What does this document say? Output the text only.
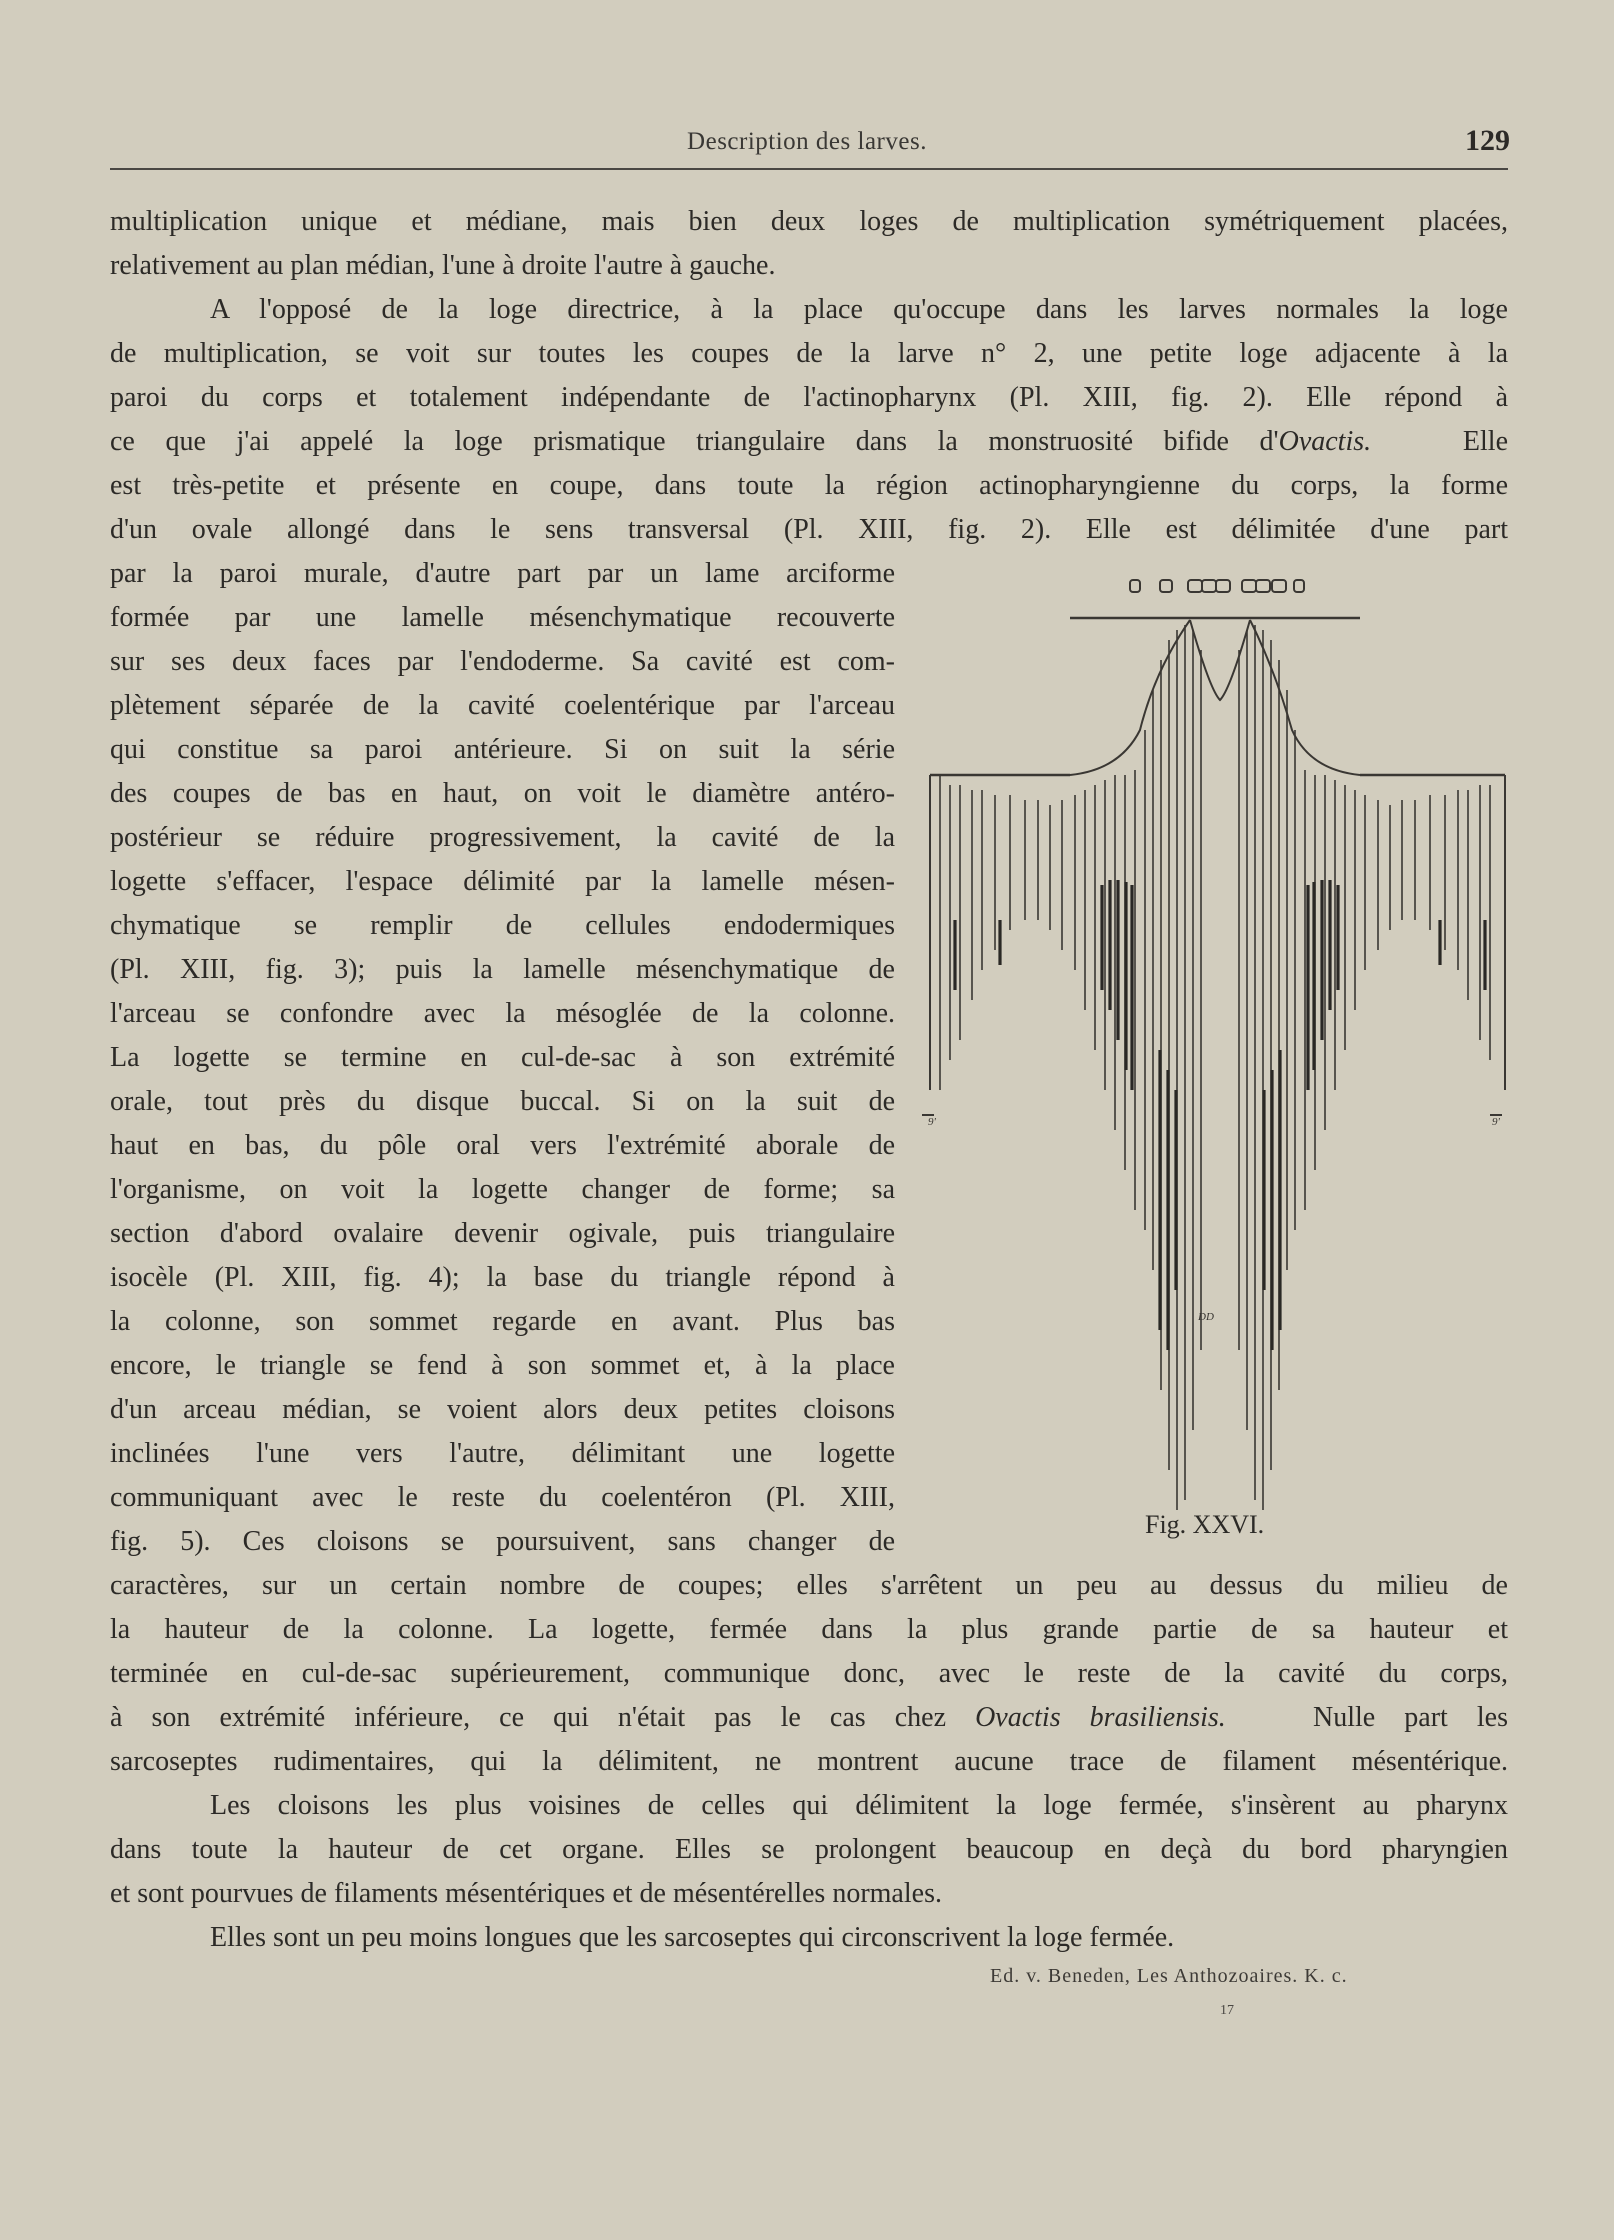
Description des larves.	129
multiplication unique et médiane, mais bien deux loges de multiplication symétriquement placées,
relativement au plan médian, l'une à droite l'autre à gauche.
A l'opposé de la loge directrice, à la place qu'occupe dans les larves normales la loge
de multiplication, se voit sur toutes les coupes de la larve n° 2, une petite loge adjacente à la
paroi du corps et totalement indépendante de l'actinopharynx (Pl. XIII, fig. 2). Elle répond à
ce que j'ai appelé la loge prismatique triangulaire dans la monstruosité bifide d'Ovactis.	Elle
est très-petite et présente en coupe, dans toute la région actinopharyngienne du corps, la forme
d'un ovale allongé dans le sens transversal (Pl. XIII, fig. 2). Elle est délimitée d'une part
par la paroi murale, d'autre part par un lame arciforme
formée par une lamelle mésenchymatique recouverte
sur ses deux faces par l'endoderme. Sa cavité est com-
plètement séparée de la cavité coelentérique par l'arceau
qui constitue sa paroi antérieure. Si on suit la série
des coupes de bas en haut, on voit le diamètre antéro-
postérieur se réduire progressivement, la cavité de la
logette s'effacer, l'espace délimité par la lamelle mésen-
chymatique se remplir de cellules endodermiques
(Pl. XIII, fig. 3); puis la lamelle mésenchymatique de
l'arceau se confondre avec la mésoglée de la colonne.
La logette se termine en cul-de-sac à son extrémité
orale, tout près du disque buccal. Si on la suit de
haut en bas, du pôle oral vers l'extrémité aborale de
l'organisme, on voit la logette changer de forme; sa
section d'abord ovalaire devenir ogivale, puis triangulaire
isocèle (Pl. XIII, fig. 4); la base du triangle répond à
la colonne, son sommet regarde en avant. Plus bas
encore, le triangle se fend à son sommet et, à la place
d'un arceau médian, se voient alors deux petites cloisons
inclinées l'une vers l'autre, délimitant une logette
communiquant avec le reste du coelentéron (Pl. XIII,
fig. 5). Ces cloisons se poursuivent, sans changer de
caractères, sur un certain nombre de coupes; elles s'arrêtent un peu au dessus du milieu de
la hauteur de la colonne. La logette, fermée dans la plus grande partie de sa hauteur et
terminée en cul-de-sac supérieurement, communique donc, avec le reste de la cavité du corps,
à son extrémité inférieure, ce qui n'était pas le cas chez Ovactis brasiliensis.	Nulle part les
sarcoseptes rudimentaires, qui la délimitent, ne montrent aucune trace de filament mésentérique.
Les cloisons les plus voisines de celles qui délimitent la loge fermée, s'insèrent au pharynx
dans toute la hauteur de cet organe. Elles se prolongent beaucoup en deçà du bord pharyngien
et sont pourvues de filaments mésentériques et de mésentérelles normales.
Elles sont un peu moins longues que les sarcoseptes qui circonscrivent la loge fermée.
DD
9'	9'
Fig. XXVI.
Ed. v. Beneden, Les Anthozoaires. K. c.
17
